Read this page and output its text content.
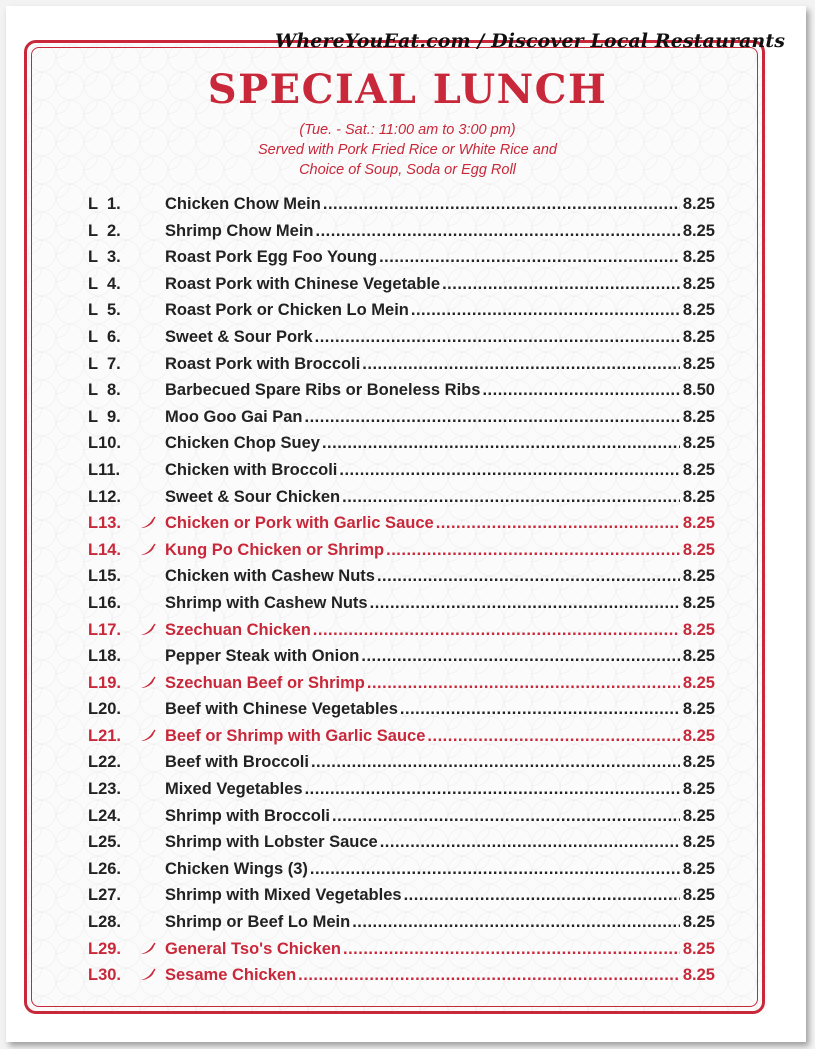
WhereYouEat.com / Discover Local Restaurants
SPECIAL LUNCH
(Tue. - Sat.: 11:00 am to 3:00 pm)
Served with Pork Fried Rice or White Rice and
Choice of Soup, Soda or Egg Roll
L  1.	Chicken Chow Mein .....	8.25
L  2.	Shrimp Chow Mein .....	8.25
L  3.	Roast Pork Egg Foo Young .....	8.25
L  4.	Roast Pork with Chinese Vegetable .....	8.25
L  5.	Roast Pork or Chicken Lo Mein .....	8.25
L  6.	Sweet & Sour Pork .....	8.25
L  7.	Roast Pork with Broccoli .....	8.25
L  8.	Barbecued Spare Ribs or Boneless Ribs .....	8.50
L  9.	Moo Goo Gai Pan .....	8.25
L10.	Chicken Chop Suey .....	8.25
L11.	Chicken with Broccoli .....	8.25
L12.	Sweet & Sour Chicken .....	8.25
L13.	Chicken or Pork with Garlic Sauce .....	8.25
L14.	Kung Po Chicken or Shrimp .....	8.25
L15.	Chicken with Cashew Nuts .....	8.25
L16.	Shrimp with Cashew Nuts .....	8.25
L17.	Szechuan Chicken .....	8.25
L18.	Pepper Steak with Onion .....	8.25
L19.	Szechuan Beef or Shrimp .....	8.25
L20.	Beef with Chinese Vegetables .....	8.25
L21.	Beef or Shrimp with Garlic Sauce .....	8.25
L22.	Beef with Broccoli .....	8.25
L23.	Mixed Vegetables .....	8.25
L24.	Shrimp with Broccoli .....	8.25
L25.	Shrimp with Lobster Sauce .....	8.25
L26.	Chicken Wings (3) .....	8.25
L27.	Shrimp with Mixed Vegetables .....	8.25
L28.	Shrimp or Beef Lo Mein .....	8.25
L29.	General Tso's Chicken .....	8.25
L30.	Sesame Chicken .....	8.25
